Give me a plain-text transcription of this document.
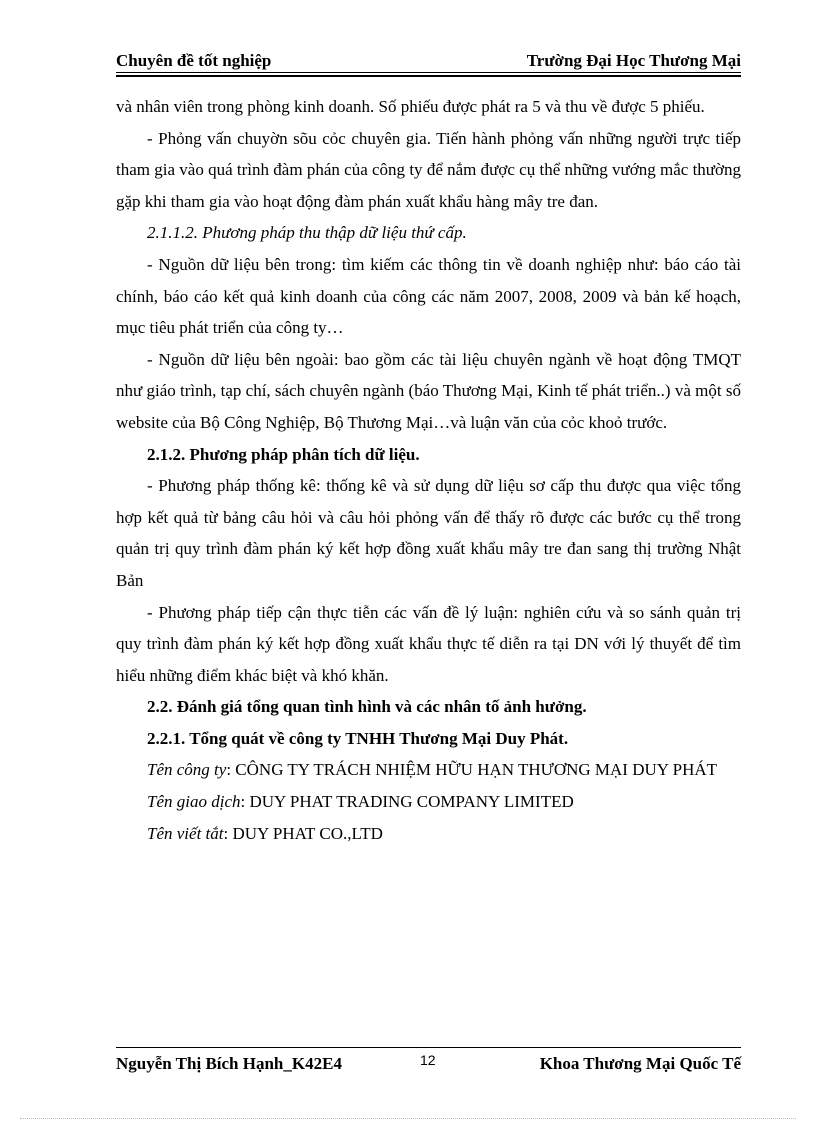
Chuyên đề tốt nghiệp	Trường Đại Học Thương Mại

và nhân viên trong phòng kinh doanh. Số phiếu được phát ra 5 và thu về được 5 phiếu.

- Phỏng vấn chuyờn sõu cỏc chuyên gia. Tiến hành phỏng vấn những người trực tiếp tham gia vào quá trình đàm phán của công ty để nắm được cụ thể những vướng mắc thường gặp khi tham gia vào hoạt động đàm phán xuất khẩu hàng mây tre đan.

2.1.1.2. Phương pháp thu thập dữ liệu thứ cấp.

- Nguồn dữ liệu bên trong: tìm kiếm các thông tin về doanh nghiệp như: báo cáo tài chính, báo cáo kết quả kinh doanh của công các năm 2007, 2008, 2009 và bản kế hoạch, mục tiêu phát triển của công ty…

- Nguồn dữ liệu bên ngoài: bao gồm các tài liệu chuyên ngành về hoạt động TMQT như giáo trình, tạp chí, sách chuyên ngành (báo Thương Mại, Kinh tế phát triển..) và một số website của Bộ Công Nghiệp, Bộ Thương Mại…và luận văn của cỏc khoỏ trước.

2.1.2. Phương pháp phân tích dữ liệu.

- Phương pháp thống kê: thống kê và sử dụng dữ liệu sơ cấp thu được qua việc tổng hợp kết quả từ bảng câu hỏi và câu hỏi phỏng vấn để thấy rõ được các bước cụ thể trong quản trị quy trình đàm phán ký kết hợp đồng xuất khẩu mây tre đan sang thị trường Nhật Bản

- Phương pháp tiếp cận thực tiễn các vấn đề lý luận: nghiên cứu và so sánh quản trị quy trình đàm phán ký kết hợp đồng xuất khẩu thực tế diễn ra tại DN với lý thuyết để tìm hiểu những điểm khác biệt và khó khăn.

2.2. Đánh giá tổng quan tình hình và các nhân tố ảnh hưởng.

2.2.1. Tổng quát về công ty TNHH Thương Mại Duy Phát.

Tên công ty: CÔNG TY TRÁCH NHIỆM HỮU HẠN THƯƠNG MẠI DUY PHÁT

Tên giao dịch: DUY PHAT TRADING COMPANY LIMITED

Tên viết tắt: DUY PHAT CO.,LTD

Nguyễn Thị Bích Hạnh_K42E4	12	Khoa Thương Mại Quốc Tế
